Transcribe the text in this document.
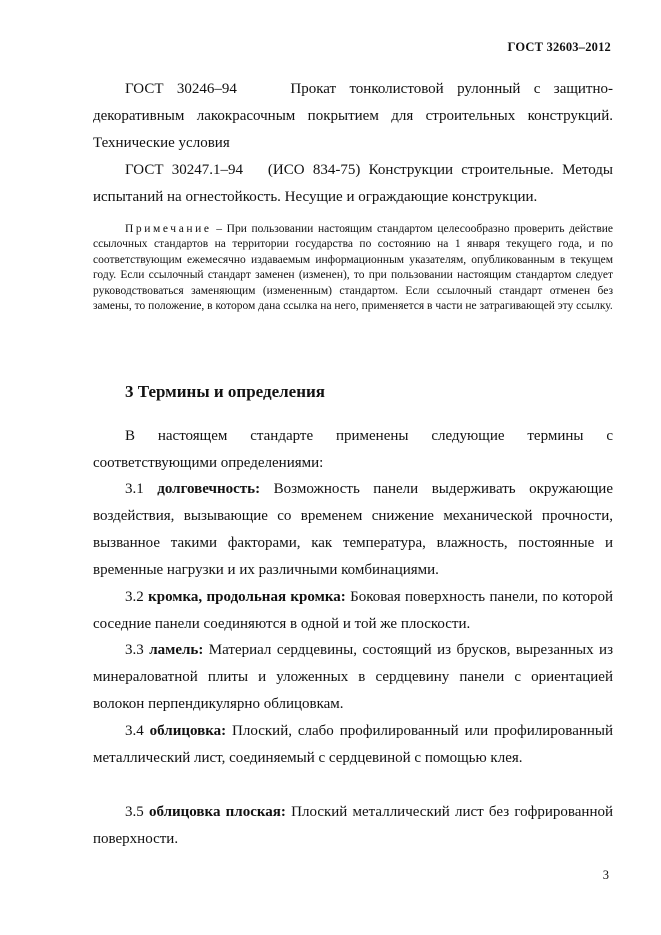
ГОСТ 32603–2012
ГОСТ 30246–94	Прокат тонколистовой рулонный с защитно-декоративным лакокрасочным покрытием для строительных конструкций. Технические условия
ГОСТ 30247.1–94 (ИСО 834-75) Конструкции строительные. Методы испытаний на огнестойкость. Несущие и ограждающие конструкции.
Примечание – При пользовании настоящим стандартом целесообразно проверить действие ссылочных стандартов на территории государства по состоянию на 1 января текущего года, и по соответствующим ежемесячно издаваемым информационным указателям, опубликованным в текущем году. Если ссылочный стандарт заменен (изменен), то при пользовании настоящим стандартом следует руководствоваться заменяющим (измененным) стандартом. Если ссылочный стандарт отменен без замены, то положение, в котором дана ссылка на него, применяется в части не затрагивающей эту ссылку.
3 Термины и определения
В настоящем стандарте применены следующие термины с соответствующими определениями:
3.1 долговечность: Возможность панели выдерживать окружающие воздействия, вызывающие со временем снижение механической прочности, вызванное такими факторами, как температура, влажность, постоянные и временные нагрузки и их различными комбинациями.
3.2 кромка, продольная кромка: Боковая поверхность панели, по которой соседние панели соединяются в одной и той же плоскости.
3.3 ламель: Материал сердцевины, состоящий из брусков, вырезанных из минераловатной плиты и уложенных в сердцевину панели с ориентацией волокон перпендикулярно облицовкам.
3.4 облицовка: Плоский, слабо профилированный или профилированный металлический лист, соединяемый с сердцевиной с помощью клея.
3.5 облицовка плоская: Плоский металлический лист без гофрированной поверхности.
3
